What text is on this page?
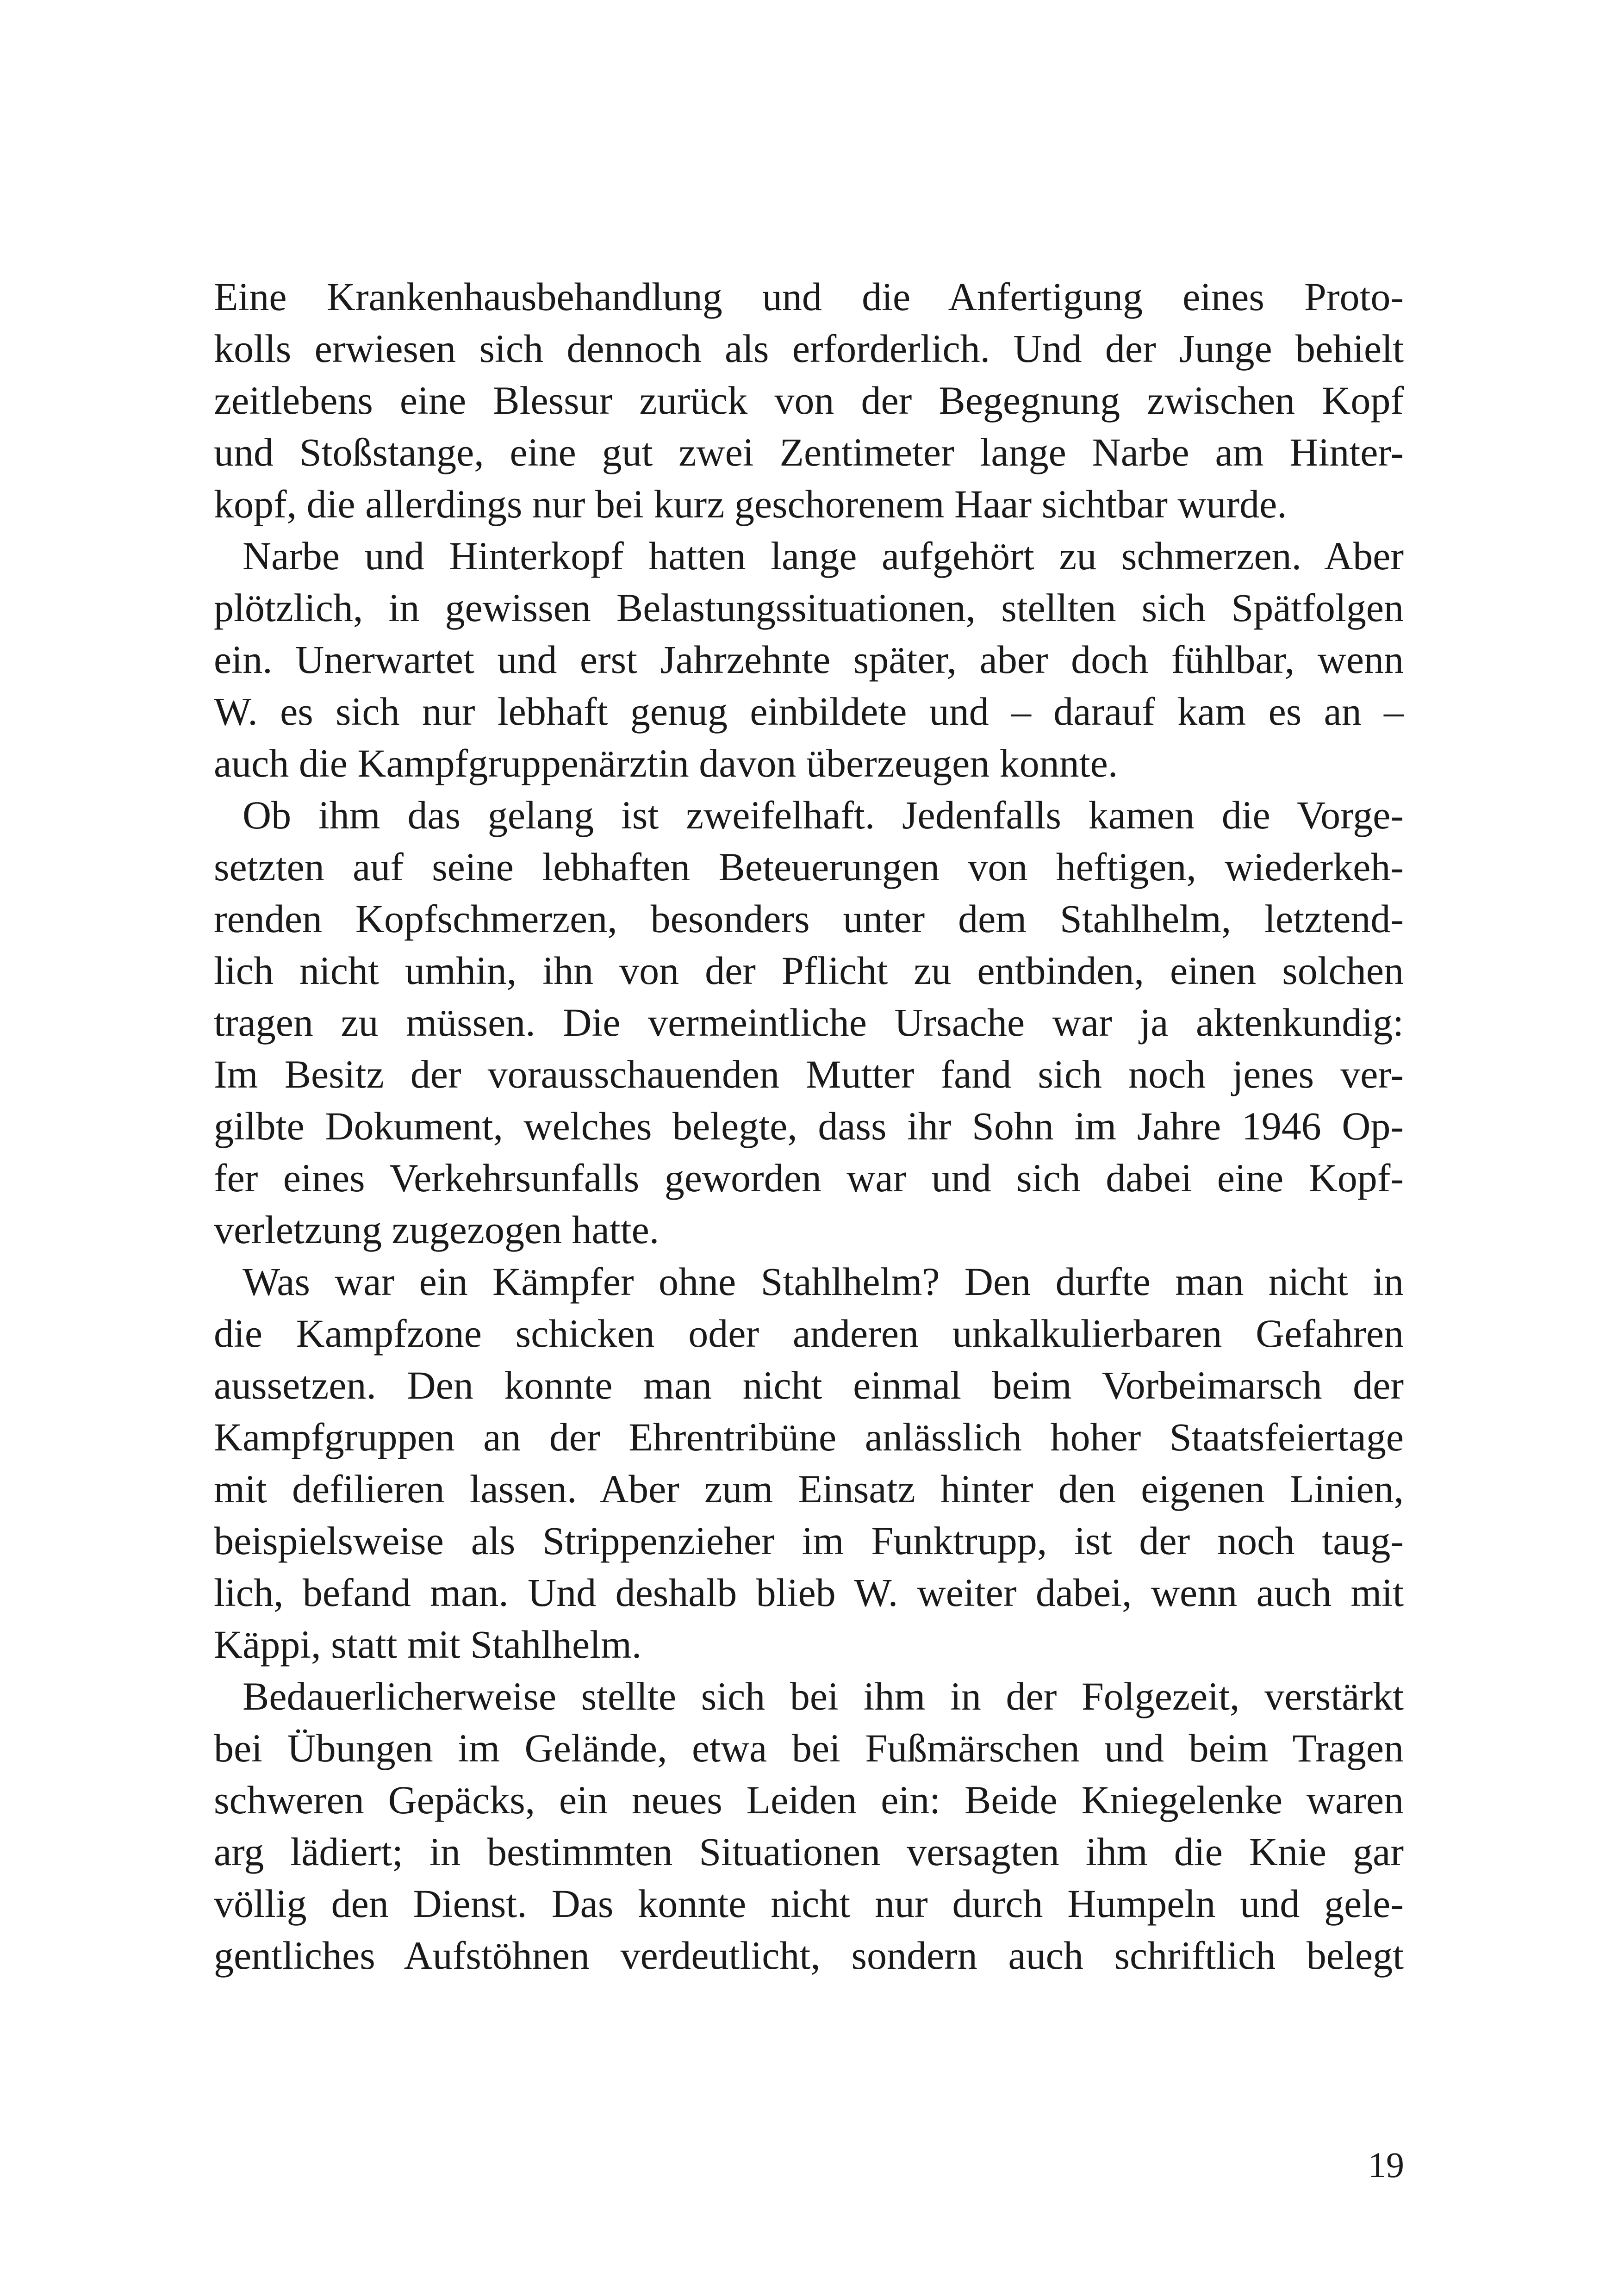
Eine Krankenhausbehandlung und die Anfertigung eines Proto-
kolls erwiesen sich dennoch als erforderlich. Und der Junge behielt
zeitlebens eine Blessur zurück von der Begegnung zwischen Kopf
und Stoßstange, eine gut zwei Zentimeter lange Narbe am Hinter-
kopf, die allerdings nur bei kurz geschorenem Haar sichtbar wurde.
Narbe und Hinterkopf hatten lange aufgehört zu schmerzen. Aber
plötzlich, in gewissen Belastungssituationen, stellten sich Spätfolgen
ein. Unerwartet und erst Jahrzehnte später, aber doch fühlbar, wenn
W. es sich nur lebhaft genug einbildete und – darauf kam es an –
auch die Kampfgruppenärztin davon überzeugen konnte.
Ob ihm das gelang ist zweifelhaft. Jedenfalls kamen die Vorge-
setzten auf seine lebhaften Beteuerungen von heftigen, wiederkeh-
renden Kopfschmerzen, besonders unter dem Stahlhelm, letztend-
lich nicht umhin, ihn von der Pflicht zu entbinden, einen solchen
tragen zu müssen. Die vermeintliche Ursache war ja aktenkundig:
Im Besitz der vorausschauenden Mutter fand sich noch jenes ver-
gilbte Dokument, welches belegte, dass ihr Sohn im Jahre 1946 Op-
fer eines Verkehrsunfalls geworden war und sich dabei eine Kopf-
verletzung zugezogen hatte.
Was war ein Kämpfer ohne Stahlhelm? Den durfte man nicht in
die Kampfzone schicken oder anderen unkalkulierbaren Gefahren
aussetzen. Den konnte man nicht einmal beim Vorbeimarsch der
Kampfgruppen an der Ehrentribüne anlässlich hoher Staatsfeiertage
mit defilieren lassen. Aber zum Einsatz hinter den eigenen Linien,
beispielsweise als Strippenzieher im Funktrupp, ist der noch taug-
lich, befand man. Und deshalb blieb W. weiter dabei, wenn auch mit
Käppi, statt mit Stahlhelm.
Bedauerlicherweise stellte sich bei ihm in der Folgezeit, verstärkt
bei Übungen im Gelände, etwa bei Fußmärschen und beim Tragen
schweren Gepäcks, ein neues Leiden ein: Beide Kniegelenke waren
arg lädiert; in bestimmten Situationen versagten ihm die Knie gar
völlig den Dienst. Das konnte nicht nur durch Humpeln und gele-
gentliches Aufstöhnen verdeutlicht, sondern auch schriftlich belegt
19
